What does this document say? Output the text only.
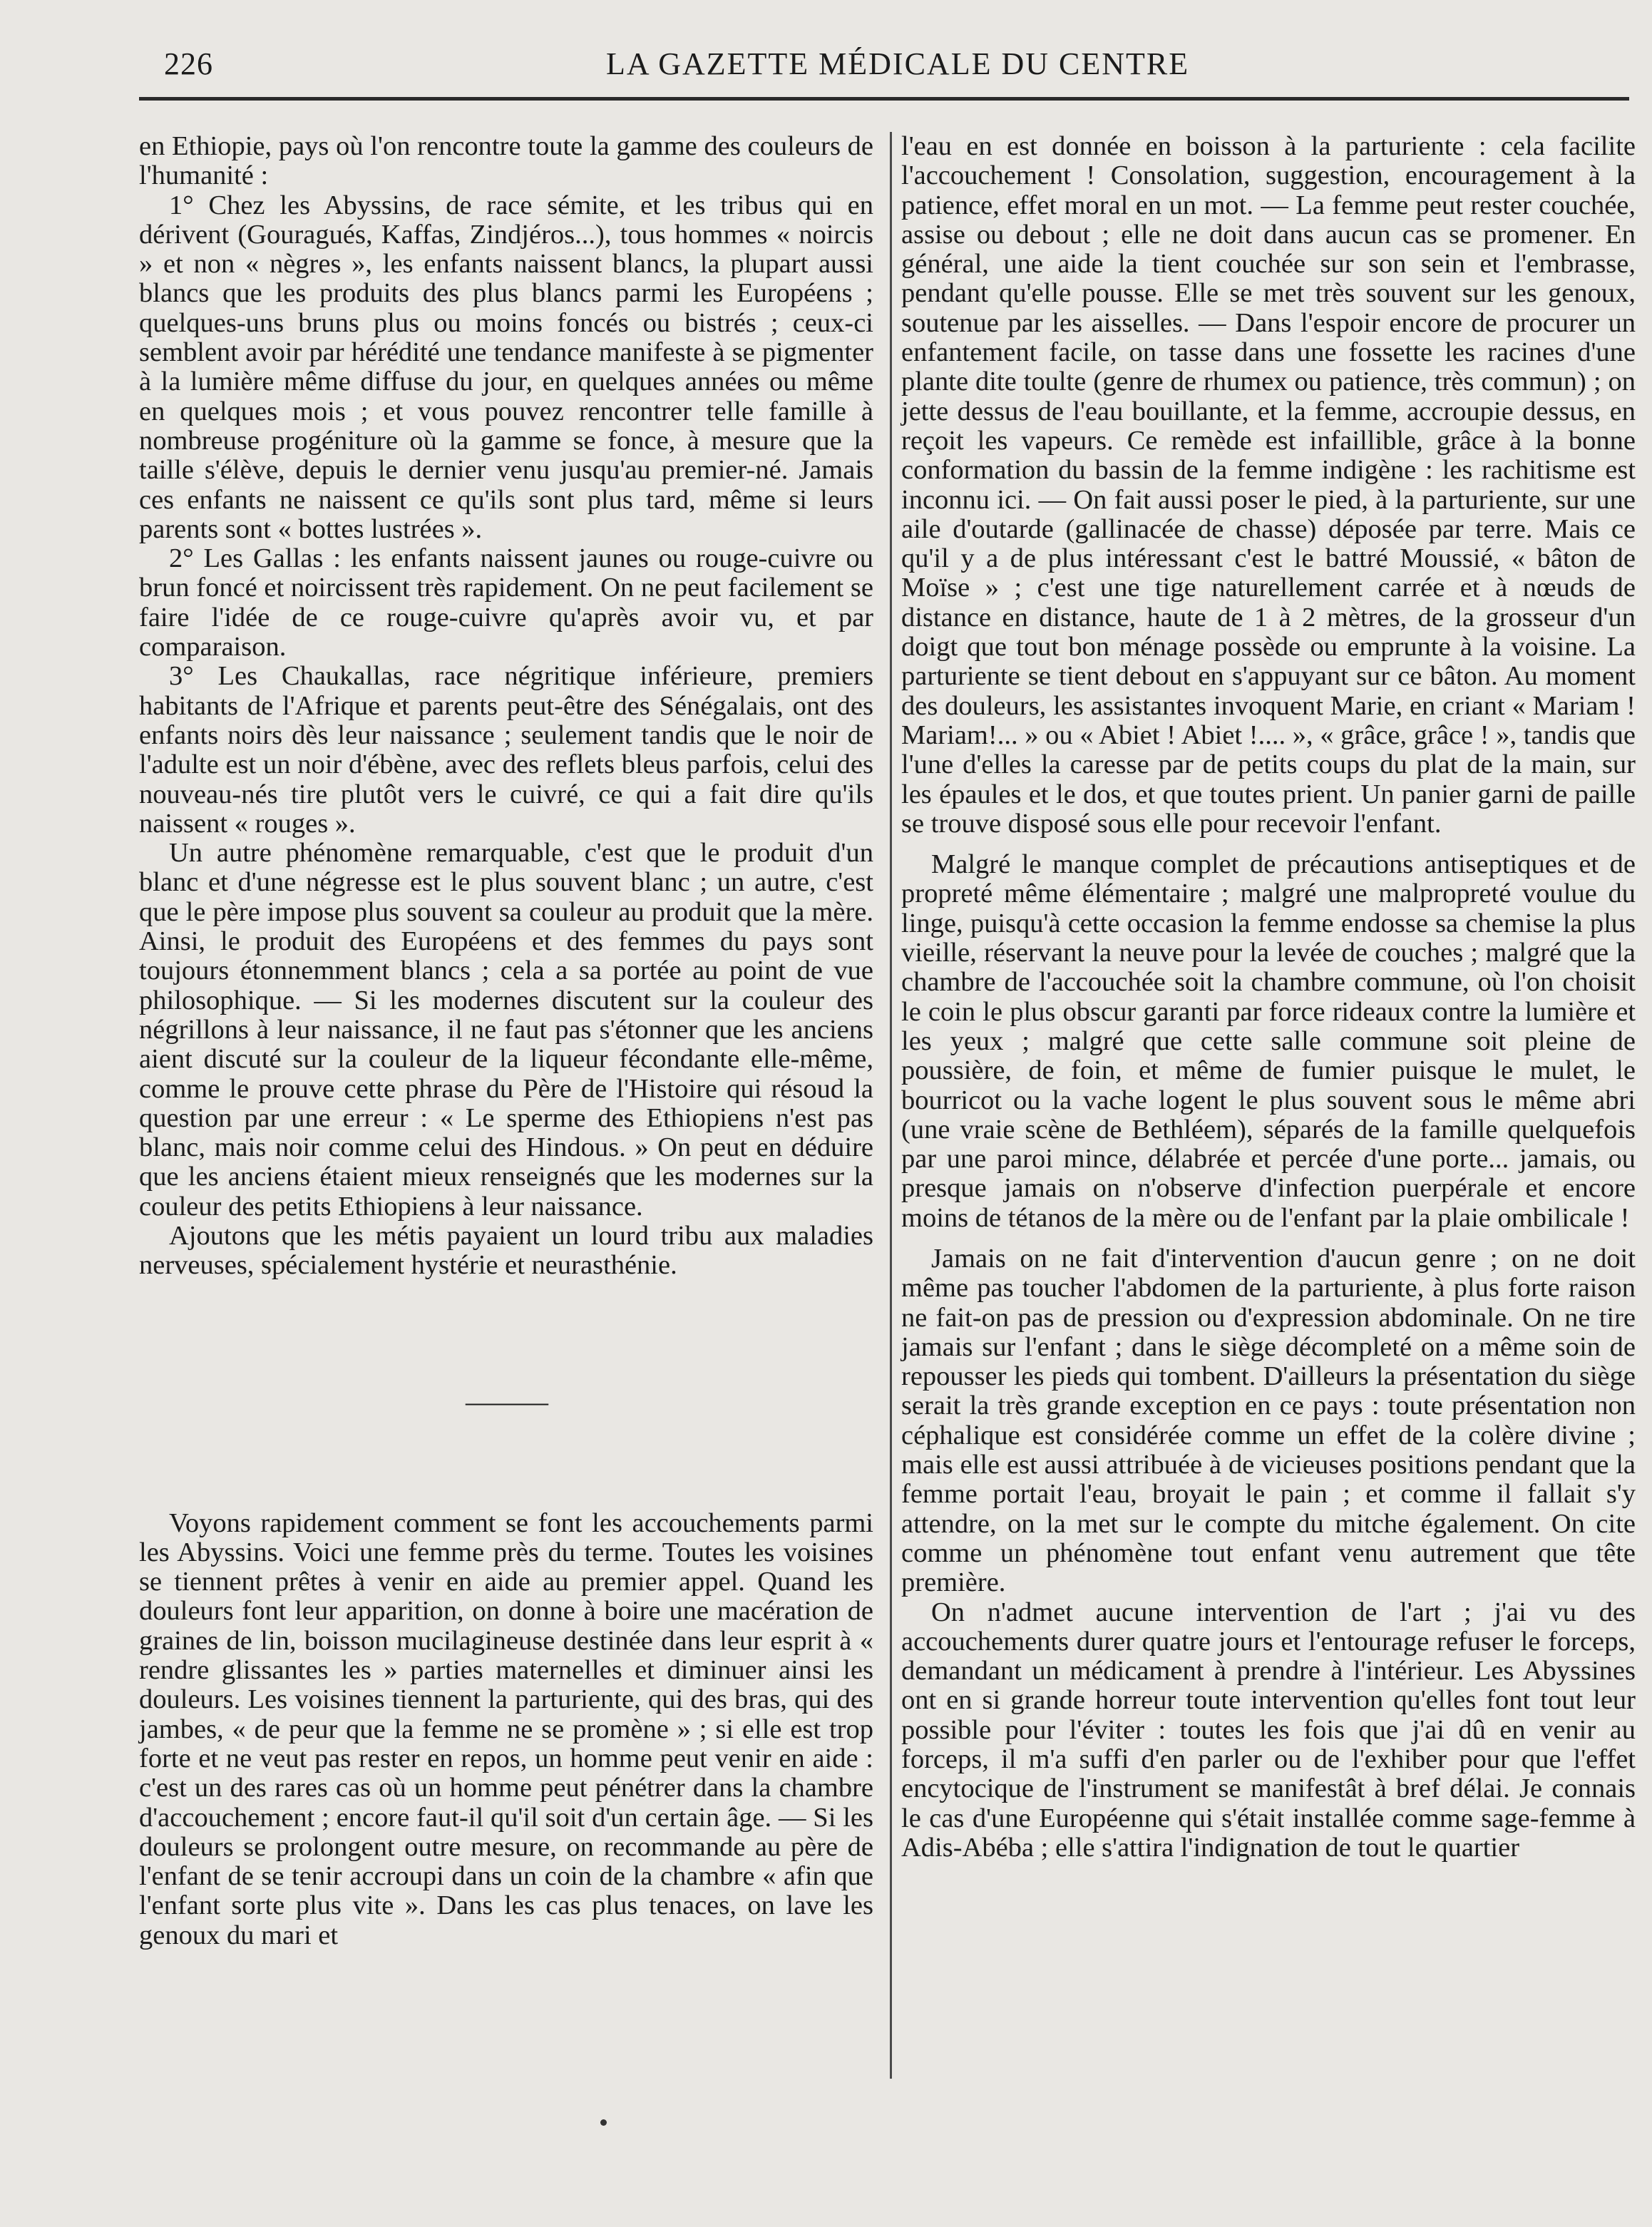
226	LA GAZETTE MÉDICALE DU CENTRE

en Ethiopie, pays où l'on rencontre toute la gamme des couleurs de l'humanité :

1° Chez les Abyssins, de race sémite, et les tribus qui en dérivent (Gouragués, Kaffas, Zindjéros...), tous hommes « noircis » et non « nègres », les enfants naissent blancs, la plupart aussi blancs que les produits des plus blancs parmi les Européens ; quelques-uns bruns plus ou moins foncés ou bistrés ; ceux-ci semblent avoir par hérédité une tendance manifeste à se pigmenter à la lumière même diffuse du jour, en quelques années ou même en quelques mois ; et vous pouvez rencontrer telle famille à nombreuse progéniture où la gamme se fonce, à mesure que la taille s'élève, depuis le dernier venu jusqu'au premier-né. Jamais ces enfants ne naissent ce qu'ils sont plus tard, même si leurs parents sont « bottes lustrées ».

2° Les Gallas : les enfants naissent jaunes ou rouge-cuivre ou brun foncé et noircissent très rapidement. On ne peut facilement se faire l'idée de ce rouge-cuivre qu'après avoir vu, et par comparaison.

3° Les Chaukallas, race négritique inférieure, premiers habitants de l'Afrique et parents peut-être des Sénégalais, ont des enfants noirs dès leur naissance ; seulement tandis que le noir de l'adulte est un noir d'ébène, avec des reflets bleus parfois, celui des nouveau-nés tire plutôt vers le cuivré, ce qui a fait dire qu'ils naissent « rouges ».

Un autre phénomène remarquable, c'est que le produit d'un blanc et d'une négresse est le plus souvent blanc ; un autre, c'est que le père impose plus souvent sa couleur au produit que la mère. Ainsi, le produit des Européens et des femmes du pays sont toujours étonnemment blancs ; cela a sa portée au point de vue philosophique. — Si les modernes discutent sur la couleur des négrillons à leur naissance, il ne faut pas s'étonner que les anciens aient discuté sur la couleur de la liqueur fécondante elle-même, comme le prouve cette phrase du Père de l'Histoire qui résoud la question par une erreur : « Le sperme des Ethiopiens n'est pas blanc, mais noir comme celui des Hindous. » On peut en déduire que les anciens étaient mieux renseignés que les modernes sur la couleur des petits Ethiopiens à leur naissance.

Ajoutons que les métis payaient un lourd tribu aux maladies nerveuses, spécialement hystérie et neurasthénie.

———

Voyons rapidement comment se font les accouchements parmi les Abyssins. Voici une femme près du terme. Toutes les voisines se tiennent prêtes à venir en aide au premier appel. Quand les douleurs font leur apparition, on donne à boire une macération de graines de lin, boisson mucilagineuse destinée dans leur esprit à « rendre glissantes les » parties maternelles et diminuer ainsi les douleurs. Les voisines tiennent la parturiente, qui des bras, qui des jambes, « de peur que la femme ne se promène » ; si elle est trop forte et ne veut pas rester en repos, un homme peut venir en aide : c'est un des rares cas où un homme peut pénétrer dans la chambre d'accouchement ; encore faut-il qu'il soit d'un certain âge. — Si les douleurs se prolongent outre mesure, on recommande au père de l'enfant de se tenir accroupi dans un coin de la chambre « afin que l'enfant sorte plus vite ». Dans les cas plus tenaces, on lave les genoux du mari et

l'eau en est donnée en boisson à la parturiente : cela facilite l'accouchement ! Consolation, suggestion, encouragement à la patience, effet moral en un mot. — La femme peut rester couchée, assise ou debout ; elle ne doit dans aucun cas se promener. En général, une aide la tient couchée sur son sein et l'embrasse, pendant qu'elle pousse. Elle se met très souvent sur les genoux, soutenue par les aisselles. — Dans l'espoir encore de procurer un enfantement facile, on tasse dans une fossette les racines d'une plante dite toulte (genre de rhumex ou patience, très commun) ; on jette dessus de l'eau bouillante, et la femme, accroupie dessus, en reçoit les vapeurs. Ce remède est infaillible, grâce à la bonne conformation du bassin de la femme indigène : les rachitisme est inconnu ici. — On fait aussi poser le pied, à la parturiente, sur une aile d'outarde (gallinacée de chasse) déposée par terre. Mais ce qu'il y a de plus intéressant c'est le battré Moussié, « bâton de Moïse » ; c'est une tige naturellement carrée et à nœuds de distance en distance, haute de 1 à 2 mètres, de la grosseur d'un doigt que tout bon ménage possède ou emprunte à la voisine. La parturiente se tient debout en s'appuyant sur ce bâton. Au moment des douleurs, les assistantes invoquent Marie, en criant « Mariam ! Mariam!... » ou « Abiet ! Abiet !.... », « grâce, grâce ! », tandis que l'une d'elles la caresse par de petits coups du plat de la main, sur les épaules et le dos, et que toutes prient. Un panier garni de paille se trouve disposé sous elle pour recevoir l'enfant.

Malgré le manque complet de précautions antiseptiques et de propreté même élémentaire ; malgré une malpropreté voulue du linge, puisqu'à cette occasion la femme endosse sa chemise la plus vieille, réservant la neuve pour la levée de couches ; malgré que la chambre de l'accouchée soit la chambre commune, où l'on choisit le coin le plus obscur garanti par force rideaux contre la lumière et les yeux ; malgré que cette salle commune soit pleine de poussière, de foin, et même de fumier puisque le mulet, le bourricot ou la vache logent le plus souvent sous le même abri (une vraie scène de Bethléem), séparés de la famille quelquefois par une paroi mince, délabrée et percée d'une porte... jamais, ou presque jamais on n'observe d'infection puerpérale et encore moins de tétanos de la mère ou de l'enfant par la plaie ombilicale !

Jamais on ne fait d'intervention d'aucun genre ; on ne doit même pas toucher l'abdomen de la parturiente, à plus forte raison ne fait-on pas de pression ou d'expression abdominale. On ne tire jamais sur l'enfant ; dans le siège décompleté on a même soin de repousser les pieds qui tombent. D'ailleurs la présentation du siège serait la très grande exception en ce pays : toute présentation non céphalique est considérée comme un effet de la colère divine ; mais elle est aussi attribuée à de vicieuses positions pendant que la femme portait l'eau, broyait le pain ; et comme il fallait s'y attendre, on la met sur le compte du mitche également. On cite comme un phénomène tout enfant venu autrement que tête première.

On n'admet aucune intervention de l'art ; j'ai vu des accouchements durer quatre jours et l'entourage refuser le forceps, demandant un médicament à prendre à l'intérieur. Les Abyssines ont en si grande horreur toute intervention qu'elles font tout leur possible pour l'éviter : toutes les fois que j'ai dû en venir au forceps, il m'a suffi d'en parler ou de l'exhiber pour que l'effet encytocique de l'instrument se manifestât à bref délai. Je connais le cas d'une Européenne qui s'était installée comme sage-femme à Adis-Abéba ; elle s'attira l'indignation de tout le quartier
